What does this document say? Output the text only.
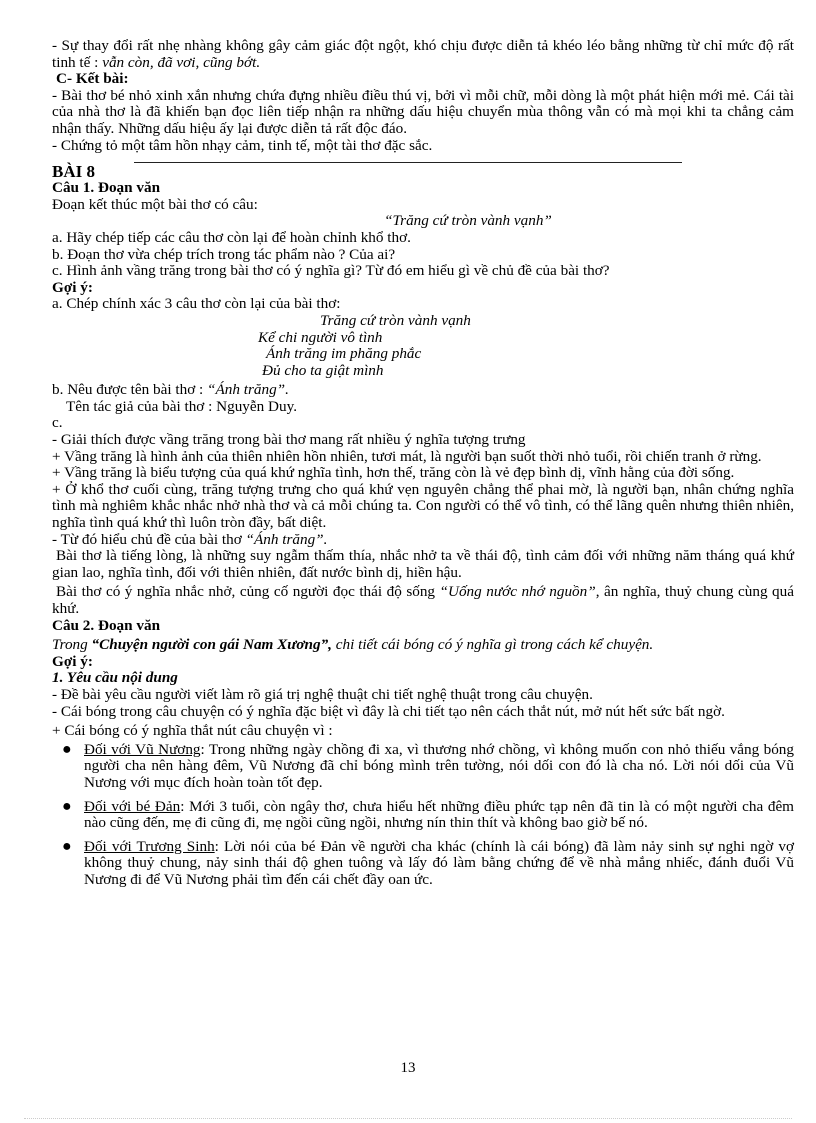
- Sự thay đổi rất nhẹ nhàng không gây cảm giác đột ngột, khó chịu được diễn tả khéo léo bằng những từ chỉ mức độ rất tinh tế : vẫn còn, đã vơi, cũng bớt.

C- Kết bài:

- Bài thơ bé nhỏ xinh xắn nhưng chứa đựng nhiều điều thú vị, bởi vì mỗi chữ, mỗi dòng là một phát hiện mới mẻ. Cái tài của nhà thơ là đã khiến bạn đọc liên tiếp nhận ra những dấu hiệu chuyển mùa thông vẫn có mà mọi khi ta chẳng cảm nhận thấy. Những dấu hiệu ấy lại được diễn tả rất độc đáo.

- Chứng tỏ một tâm hồn nhạy cảm, tinh tế, một tài thơ đặc sắc.

BÀI 8

Câu 1. Đoạn văn

Đoạn kết thúc một bài thơ có câu:

“Trăng cứ tròn vành vạnh”

a. Hãy chép tiếp các câu thơ còn lại để hoàn chỉnh khổ thơ.

b. Đoạn thơ vừa chép trích trong tác phẩm nào ? Của ai?

c. Hình ảnh vầng trăng trong bài thơ có ý nghĩa gì? Từ đó em hiểu gì về chủ đề của bài thơ?

Gợi ý:

a. Chép chính xác 3 câu thơ còn lại của bài thơ:

Trăng cứ tròn vành vạnh

Kể chi người vô tình

Ánh trăng im phăng phắc

Đủ cho ta giật mình

b. Nêu được tên bài thơ : “Ánh trăng”.

Tên tác giả của bài thơ : Nguyễn Duy.

c.

- Giải thích được vầng trăng trong bài thơ mang rất nhiều ý nghĩa tượng trưng

+ Vầng trăng là hình ảnh của thiên nhiên hồn nhiên, tươi mát, là người bạn suốt thời nhỏ tuổi, rồi chiến tranh ở rừng.

+ Vầng trăng là biểu tượng của quá khứ nghĩa tình, hơn thế, trăng còn là vẻ đẹp bình dị, vĩnh hằng của đời sống.

+ Ở khổ thơ cuối cùng, trăng tượng trưng cho quá khứ vẹn nguyên chẳng thể phai mờ, là người bạn, nhân chứng nghĩa tình mà nghiêm khắc nhắc nhở nhà thơ và cả mỗi chúng ta. Con người có thể vô tình, có thể lãng quên nhưng thiên nhiên, nghĩa tình quá khứ thì luôn tròn đầy, bất diệt.

- Từ đó hiểu chủ đề của bài thơ “Ánh trăng”.

Bài thơ là tiếng lòng, là những suy ngẫm thấm thía, nhắc nhở ta về thái độ, tình cảm đối với những năm tháng quá khứ gian lao, nghĩa tình, đối với thiên nhiên, đất nước bình dị, hiền hậu.

Bài thơ có ý nghĩa nhắc nhở, củng cố người đọc thái độ sống “Uống nước nhớ nguồn”, ân nghĩa, thuỷ chung cùng quá khứ.

Câu 2. Đoạn văn

Trong “Chuyện người con gái Nam Xương”, chi tiết cái bóng có ý nghĩa gì trong cách kể chuyện.

Gợi ý:

1. Yêu cầu nội dung

- Đề bài yêu cầu người viết làm rõ giá trị nghệ thuật chi tiết nghệ thuật trong câu chuyện.

- Cái bóng trong câu chuyện có ý nghĩa đặc biệt vì đây là chi tiết tạo nên cách thắt nút, mở nút hết sức bất ngờ.

+ Cái bóng có ý nghĩa thắt nút câu chuyện vì :

● Đối với Vũ Nương: Trong những ngày chồng đi xa, vì thương nhớ chồng, vì không muốn con nhỏ thiếu vắng bóng người cha nên hàng đêm, Vũ Nương đã chỉ bóng mình trên tường, nói dối con đó là cha nó. Lời nói dối của Vũ Nương với mục đích hoàn toàn tốt đẹp.
● Đối với bé Đản: Mới 3 tuổi, còn ngây thơ, chưa hiểu hết những điều phức tạp nên đã tin là có một người cha đêm nào cũng đến, mẹ đi cũng đi, mẹ ngồi cũng ngồi, nhưng nín thin thít và không bao giờ bế nó.
● Đối với Trương Sinh: Lời nói của bé Đản về người cha khác (chính là cái bóng) đã làm nảy sinh sự nghi ngờ vợ không thuỷ chung, nảy sinh thái độ ghen tuông và lấy đó làm bằng chứng để về nhà mắng nhiếc, đánh đuổi Vũ Nương đi để Vũ Nương phải tìm đến cái chết đầy oan ức.
13
